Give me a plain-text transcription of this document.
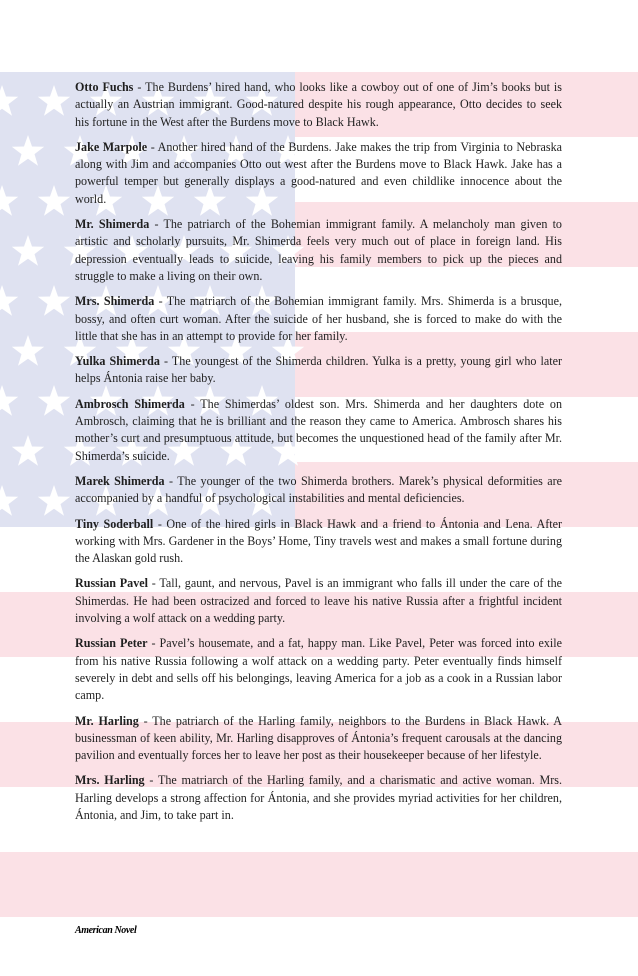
Otto Fuchs - The Burdens’ hired hand, who looks like a cowboy out of one of Jim’s books but is actually an Austrian immigrant. Good-natured despite his rough appearance, Otto decides to seek his fortune in the West after the Burdens move to Black Hawk.

Jake Marpole - Another hired hand of the Burdens. Jake makes the trip from Virginia to Nebraska along with Jim and accompanies Otto out west after the Burdens move to Black Hawk. Jake has a powerful temper but generally displays a good-natured and even childlike innocence about the world.

Mr. Shimerda - The patriarch of the Bohemian immigrant family. A melancholy man given to artistic and scholarly pursuits, Mr. Shimerda feels very much out of place in foreign land. His depression eventually leads to suicide, leaving his family members to pick up the pieces and struggle to make a living on their own.

Mrs. Shimerda - The matriarch of the Bohemian immigrant family. Mrs. Shimerda is a brusque, bossy, and often curt woman. After the suicide of her husband, she is forced to make do with the little that she has in an attempt to provide for her family.

Yulka Shimerda - The youngest of the Shimerda children. Yulka is a pretty, young girl who later helps Ántonia raise her baby.

Ambrosch Shimerda - The Shimerdas’ oldest son. Mrs. Shimerda and her daughters dote on Ambrosch, claiming that he is brilliant and the reason they came to America. Ambrosch shares his mother’s curt and presumptuous attitude, but becomes the unquestioned head of the family after Mr. Shimerda’s suicide.

Marek Shimerda - The younger of the two Shimerda brothers. Marek’s physical deformities are accompanied by a handful of psychological instabilities and mental deficiencies.

Tiny Soderball - One of the hired girls in Black Hawk and a friend to Ántonia and Lena. After working with Mrs. Gardener in the Boys’ Home, Tiny travels west and makes a small fortune during the Alaskan gold rush.

Russian Pavel - Tall, gaunt, and nervous, Pavel is an immigrant who falls ill under the care of the Shimerdas. He had been ostracized and forced to leave his native Russia after a frightful incident involving a wolf attack on a wedding party.

Russian Peter - Pavel’s housemate, and a fat, happy man. Like Pavel, Peter was forced into exile from his native Russia following a wolf attack on a wedding party. Peter eventually finds himself severely in debt and sells off his belongings, leaving America for a job as a cook in a Russian labor camp.

Mr. Harling - The patriarch of the Harling family, neighbors to the Burdens in Black Hawk. A businessman of keen ability, Mr. Harling disapproves of Ántonia’s frequent carousals at the dancing pavilion and eventually forces her to leave her post as their housekeeper because of her lifestyle.

Mrs. Harling - The matriarch of the Harling family, and a charismatic and active woman. Mrs. Harling develops a strong affection for Ántonia, and she provides myriad activities for her children, Ántonia, and Jim, to take part in.

American Novel
